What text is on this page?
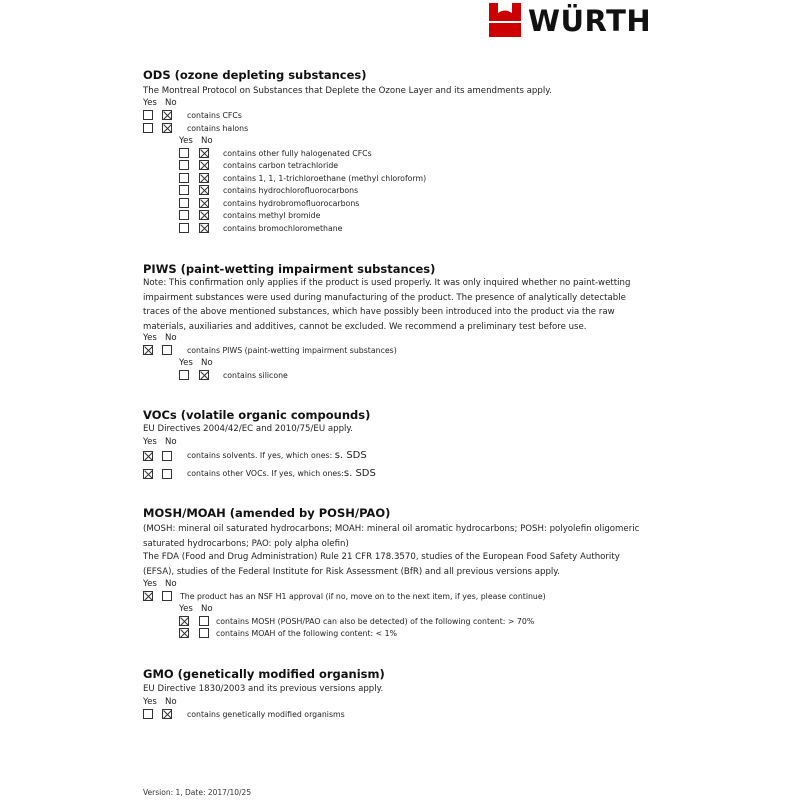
WÜRTH
ODS (ozone depleting substances)
The Montreal Protocol on Substances that Deplete the Ozone Layer and its amendments apply.
Yes No
contains CFCs
contains halons
Yes No
contains other fully halogenated CFCs
contains carbon tetrachloride
contains 1, 1, 1-trichloroethane (methyl chloroform)
contains hydrochlorofluorocarbons
contains hydrobromofluorocarbons
contains methyl bromide
contains bromochloromethane
PIWS (paint-wetting impairment substances)
Note: This confirmation only applies if the product is used properly. It was only inquired whether no paint-wetting impairment substances were used during manufacturing of the product. The presence of analytically detectable traces of the above mentioned substances, which have possibly been introduced into the product via the raw materials, auxiliaries and additives, cannot be excluded. We recommend a preliminary test before use.
Yes No
contains PIWS (paint-wetting impairment substances)
Yes No
contains silicone
VOCs (volatile organic compounds)
EU Directives 2004/42/EC and 2010/75/EU apply.
Yes No
contains solvents. If yes, which ones: s. SDS
contains other VOCs. If yes, which ones:s. SDS
MOSH/MOAH (amended by POSH/PAO)
(MOSH: mineral oil saturated hydrocarbons; MOAH: mineral oil aromatic hydrocarbons; POSH: polyolefin oligomeric saturated hydrocarbons; PAO: poly alpha olefin)
The FDA (Food and Drug Administration) Rule 21 CFR 178.3570, studies of the European Food Safety Authority (EFSA), studies of the Federal Institute for Risk Assessment (BfR) and all previous versions apply.
Yes No
The product has an NSF H1 approval (if no, move on to the next item, if yes, please continue)
Yes No
contains MOSH (POSH/PAO can also be detected) of the following content: > 70%
contains MOAH of the following content: < 1%
GMO (genetically modified organism)
EU Directive 1830/2003 and its previous versions apply.
Yes No
contains genetically modified organisms
Version: 1, Date: 2017/10/25
